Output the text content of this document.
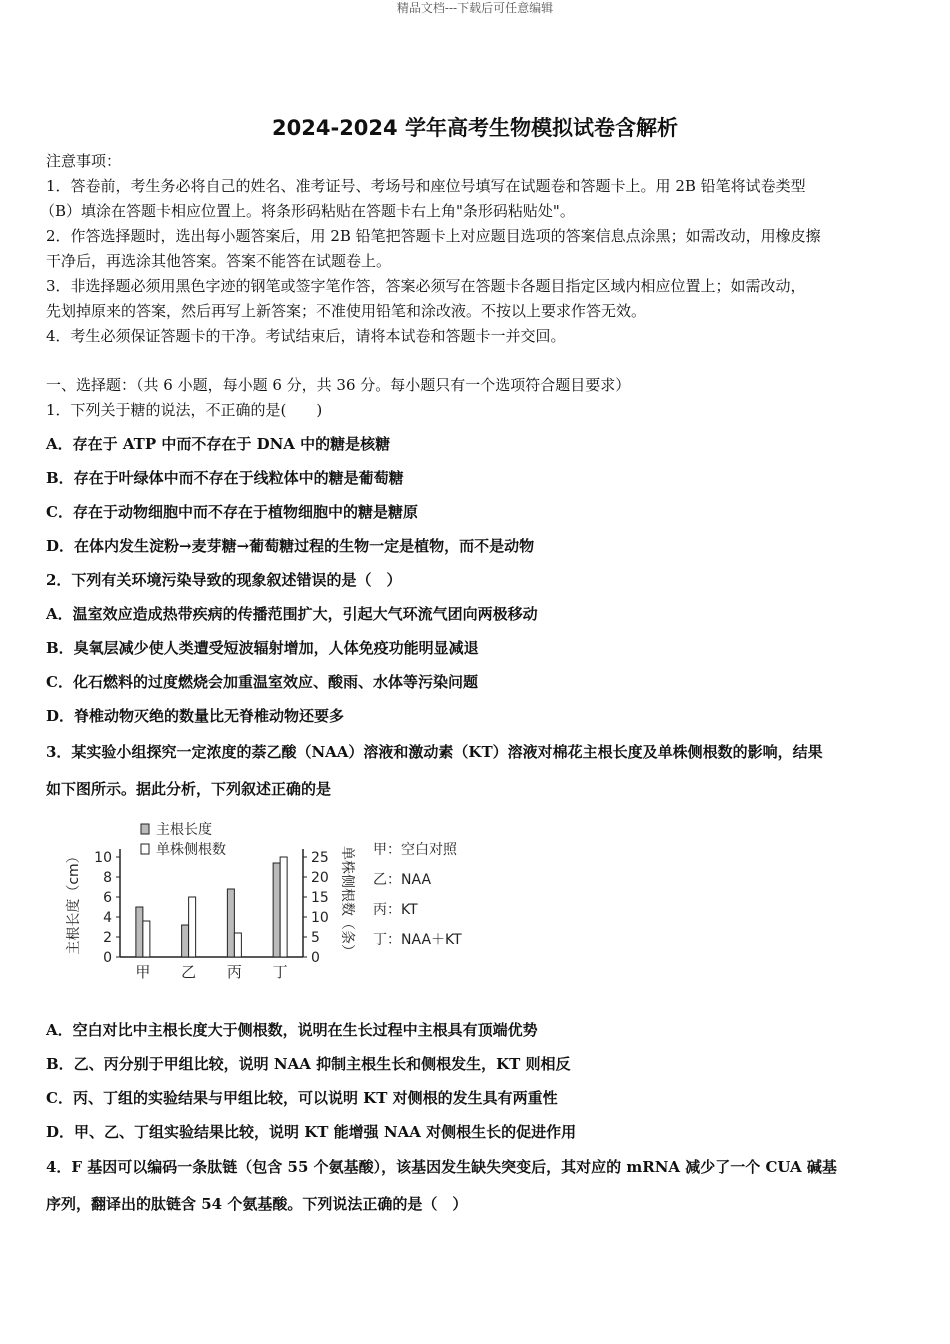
精品文档---下载后可任意编辑
2024-2024 学年高考生物模拟试卷含解析
注意事项：
1．答卷前，考生务必将自己的姓名、准考证号、考场号和座位号填写在试题卷和答题卡上。用 2B 铅笔将试卷类型
（B）填涂在答题卡相应位置上。将条形码粘贴在答题卡右上角"条形码粘贴处"。
2．作答选择题时，选出每小题答案后，用 2B 铅笔把答题卡上对应题目选项的答案信息点涂黑；如需改动，用橡皮擦
干净后，再选涂其他答案。答案不能答在试题卷上。
3．非选择题必须用黑色字迹的钢笔或签字笔作答，答案必须写在答题卡各题目指定区域内相应位置上；如需改动，
先划掉原来的答案，然后再写上新答案；不准使用铅笔和涂改液。不按以上要求作答无效。
4．考生必须保证答题卡的干净。考试结束后，请将本试卷和答题卡一并交回。
一、选择题：（共 6 小题，每小题 6 分，共 36 分。每小题只有一个选项符合题目要求）
1．下列关于糖的说法，不正确的是(　　)
A．存在于 ATP 中而不存在于 DNA 中的糖是核糖
B．存在于叶绿体中而不存在于线粒体中的糖是葡萄糖
C．存在于动物细胞中而不存在于植物细胞中的糖是糖原
D．在体内发生淀粉→麦芽糖→葡萄糖过程的生物一定是植物，而不是动物
2．下列有关环境污染导致的现象叙述错误的是（　）
A．温室效应造成热带疾病的传播范围扩大，引起大气环流气团向两极移动
B．臭氧层减少使人类遭受短波辐射增加，人体免疫功能明显减退
C．化石燃料的过度燃烧会加重温室效应、酸雨、水体等污染问题
D．脊椎动物灭绝的数量比无脊椎动物还要多
3．某实验小组探究一定浓度的萘乙酸（NAA）溶液和激动素（KT）溶液对棉花主根长度及单株侧根数的影响，结果
如下图所示。据此分析，下列叙述正确的是
主根长度
单株侧根数
主根长度（cm）	单株侧根数（条）
0
2
4
6
8
10
0
5
10
15
20
25
甲 乙 丙 丁
甲：空白对照
乙：NAA
丙：KT
丁：NAA＋KT
A．空白对比中主根长度大于侧根数，说明在生长过程中主根具有顶端优势
B．乙、丙分别于甲组比较，说明 NAA 抑制主根生长和侧根发生，KT 则相反
C．丙、丁组的实验结果与甲组比较，可以说明 KT 对侧根的发生具有两重性
D．甲、乙、丁组实验结果比较，说明 KT 能增强 NAA 对侧根生长的促进作用
4．F 基因可以编码一条肽链（包含 55 个氨基酸），该基因发生缺失突变后，其对应的 mRNA 减少了一个 CUA 碱基
序列，翻译出的肽链含 54 个氨基酸。下列说法正确的是（　）
